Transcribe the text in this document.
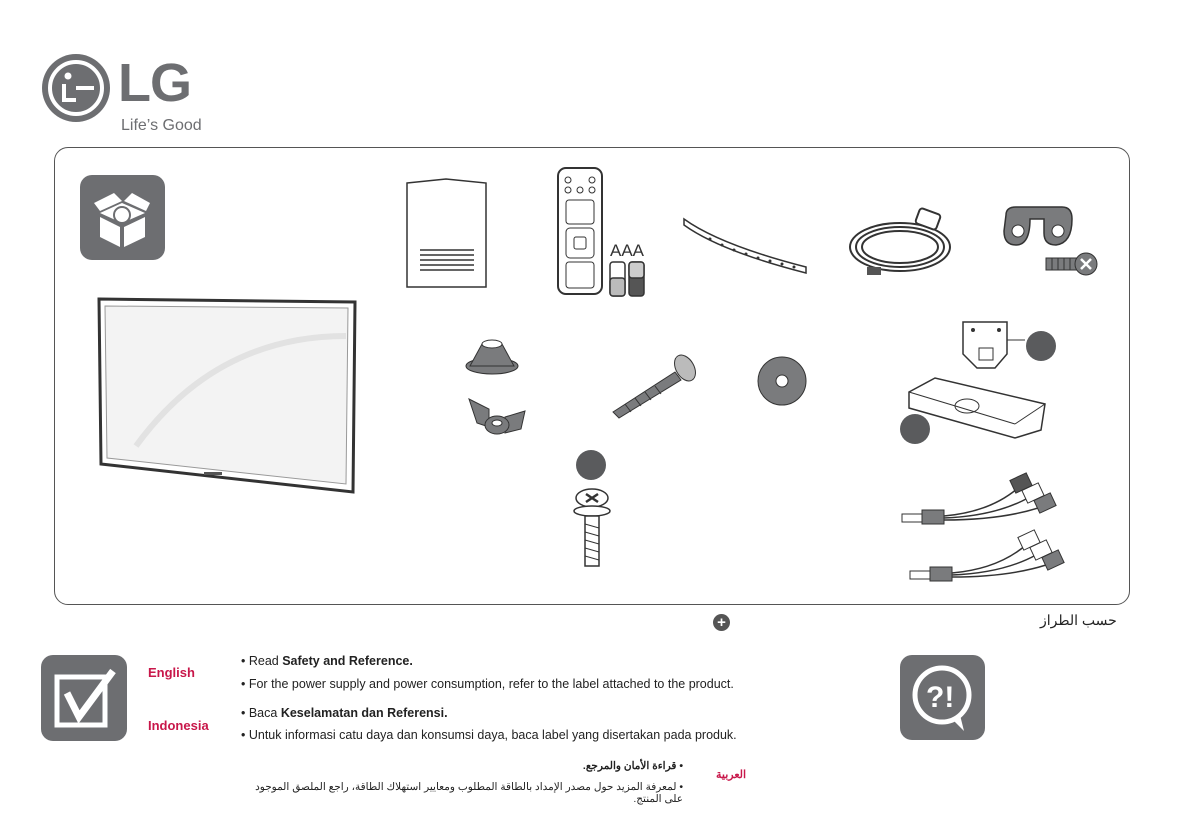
LG
Life’s Good
AAA
+	حسب الطراز
English
• Read Safety and Reference.
• For the power supply and power consumption, refer to the label attached to the product.
Indonesia
• Baca Keselamatan dan Referensi.
• Untuk informasi catu daya dan konsumsi daya, baca label yang disertakan pada produk.
• قراءة الأمان والمرجع.
• لمعرفة المزيد حول مصدر الإمداد بالطاقة المطلوب ومعايير استهلاك الطاقة، راجع الملصق الموجود على المنتج.
العربية
?!
